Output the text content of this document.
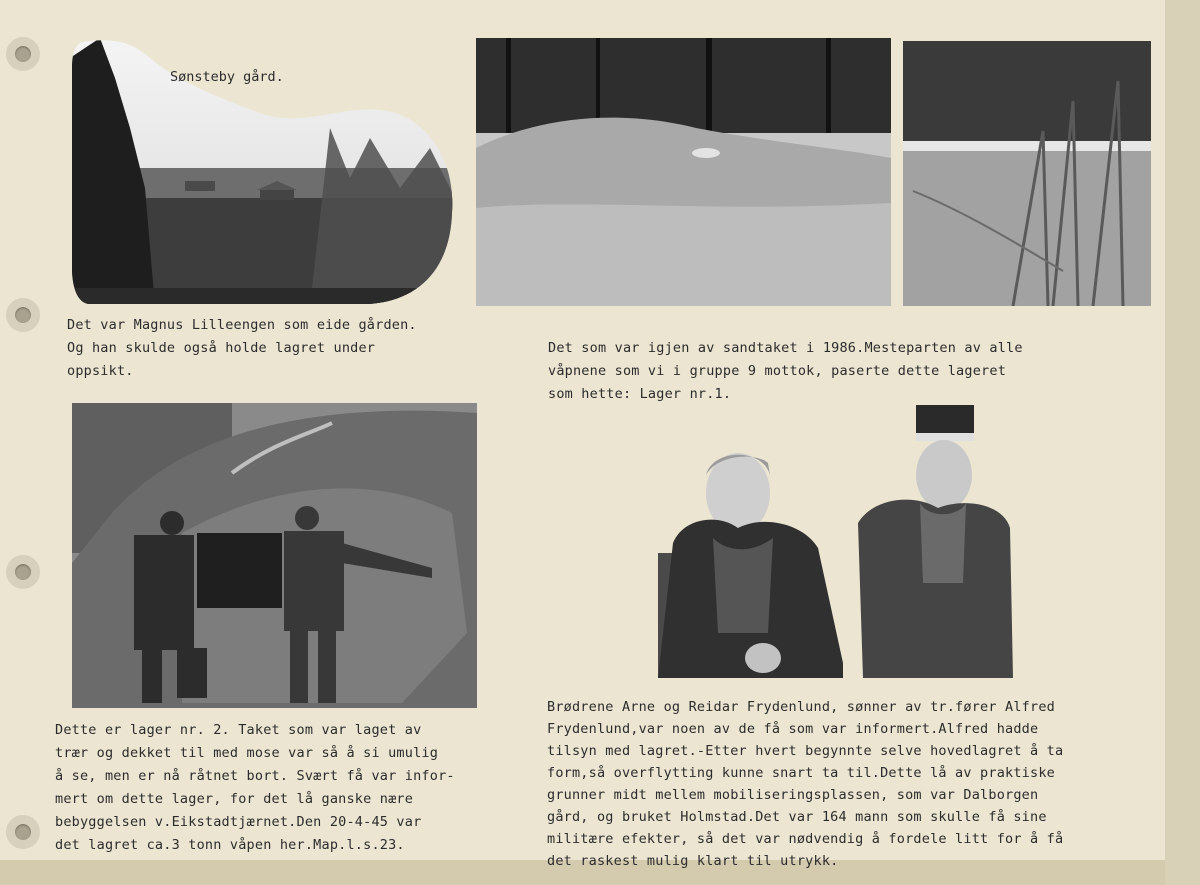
Sønsteby gård.

Det var Magnus Lilleengen som eide gården.
Og han skulde også holde lagret under
oppsikt.

Det som var igjen av sandtaket i 1986.Mesteparten av alle
våpnene som vi i gruppe 9 mottok, paserte dette lageret
som hette: Lager nr.1.

Dette er lager nr. 2. Taket som var laget av
trær og dekket til med mose var så å si umulig
å se, men er nå råtnet bort. Svært få var infor-
mert om dette lager, for det lå ganske nære
bebyggelsen v.Eikstadtjærnet.Den 20-4-45 var
det lagret ca.3 tonn våpen her.Map.l.s.23.

Brødrene Arne og Reidar Frydenlund, sønner av tr.fører Alfred
Frydenlund,var noen av de få som var informert.Alfred hadde
tilsyn med lagret.-Etter hvert begynnte selve hovedlagret å ta
form,så overflytting kunne snart ta til.Dette lå av praktiske
grunner midt mellem mobiliseringsplassen, som var Dalborgen
gård, og bruket Holmstad.Det var 164 mann som skulle få sine
militære efekter, så det var nødvendig å fordele litt for å få
det raskest mulig klart til utrykk.
